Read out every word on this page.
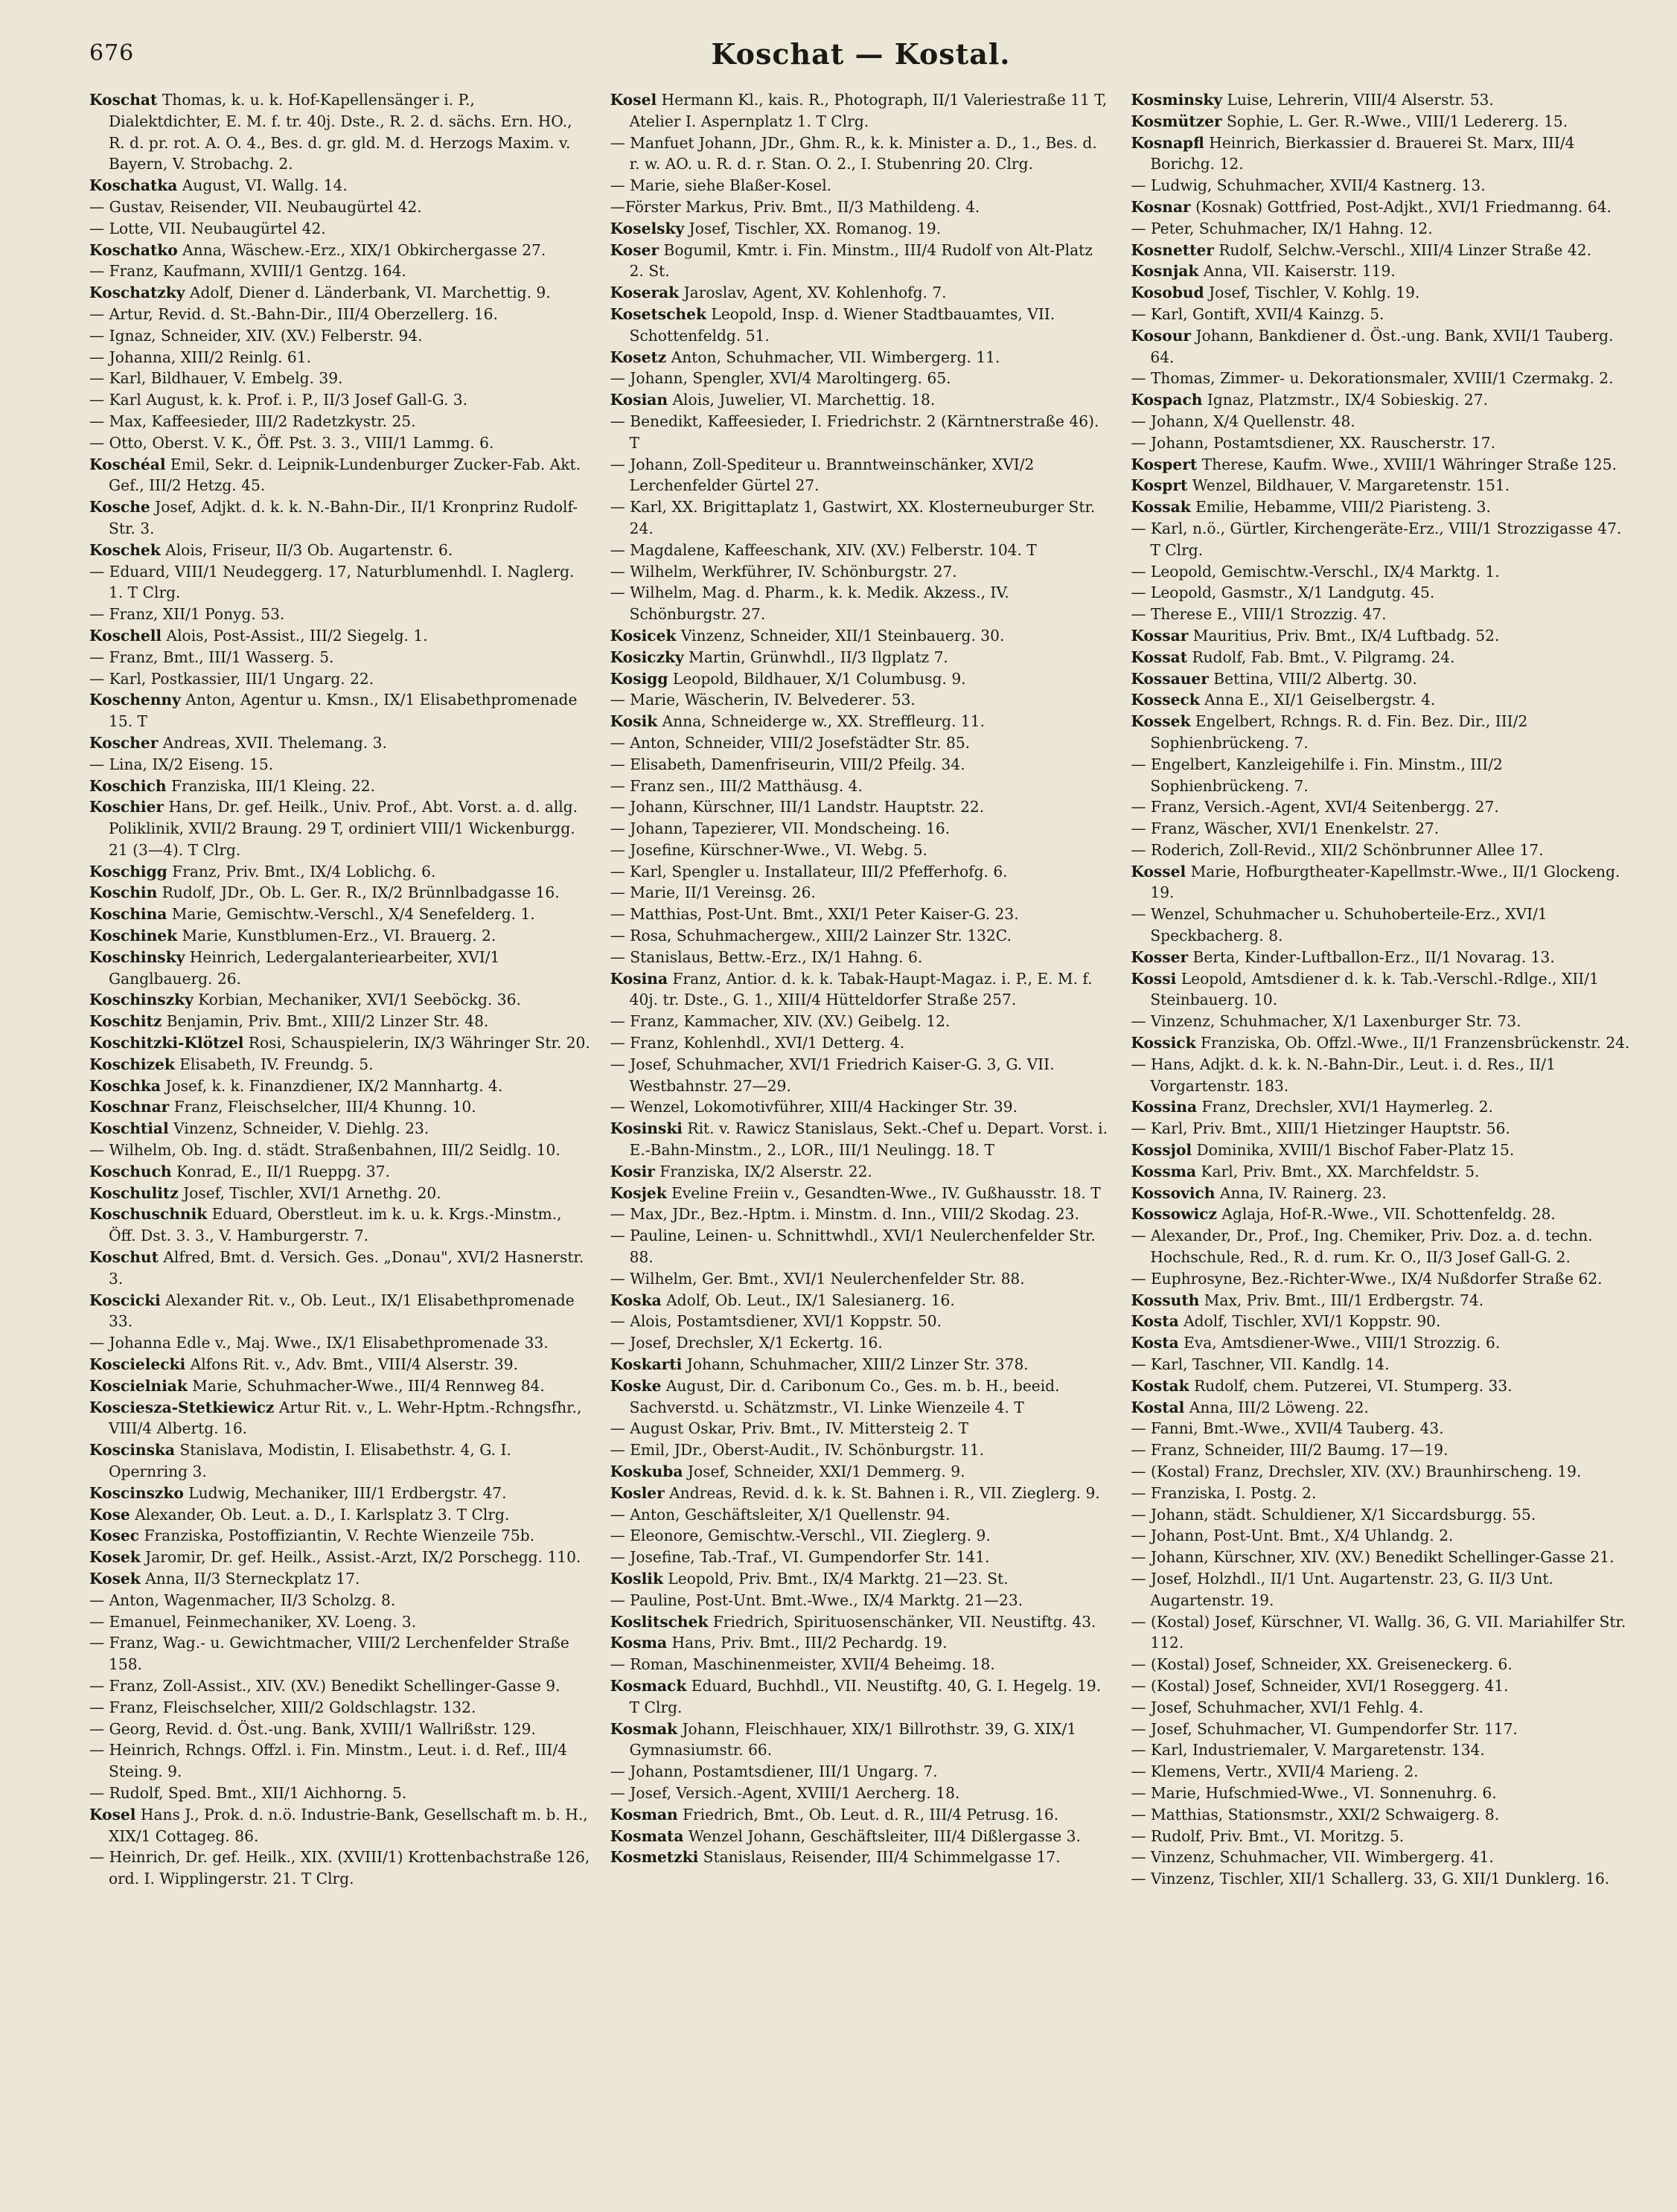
676	Koschat — Kostal.
Koschat Thomas, k. u. k. Hof-Kapellensänger i. P., Dialektdichter, E. M. f. tr. 40j. Dste., R. 2. d. sächs. Ern. HO., R. d. pr. rot. A. O. 4., Bes. d. gr. gld. M. d. Herzogs Maxim. v. Bayern, V. Strobachg. 2.
Koschatka August, VI. Wallg. 14.
— Gustav, Reisender, VII. Neubaugürtel 42.
— Lotte, VII. Neubaugürtel 42.
Koschatko Anna, Wäschew.-Erz., XIX/1 Obkirchergasse 27.
— Franz, Kaufmann, XVIII/1 Gentzg. 164.
Koschatzky Adolf, Diener d. Länderbank, VI. Marchettig. 9.
— Artur, Revid. d. St.-Bahn-Dir., III/4 Oberzellerg. 16.
— Ignaz, Schneider, XIV. (XV.) Felberstr. 94.
— Johanna, XIII/2 Reinlg. 61.
— Karl, Bildhauer, V. Embelg. 39.
— Karl August, k. k. Prof. i. P., II/3 Josef Gall-G. 3.
— Max, Kaffeesieder, III/2 Radetzkystr. 25.
— Otto, Oberst. V. K., Öff. Pst. 3. 3., VIII/1 Lammg. 6.
Koschéal Emil, Sekr. d. Leipnik-Lundenburger Zucker-Fab. Akt. Gef., III/2 Hetzg. 45.
Kosche Josef, Adjkt. d. k. k. N.-Bahn-Dir., II/1 Kronprinz Rudolf-Str. 3.
Koschek Alois, Friseur, II/3 Ob. Augartenstr. 6.
— Eduard, VIII/1 Neudeggerg. 17, Naturblumenhdl. I. Naglerg. 1. T Clrg.
— Franz, XII/1 Ponyg. 53.
Koschell Alois, Post-Assist., III/2 Siegelg. 1.
— Franz, Bmt., III/1 Wasserg. 5.
— Karl, Postkassier, III/1 Ungarg. 22.
Koschenny Anton, Agentur u. Kmsn., IX/1 Elisabethpromenade 15. T
Koscher Andreas, XVII. Thelemang. 3.
— Lina, IX/2 Eiseng. 15.
Koschich Franziska, III/1 Kleing. 22.
Koschier Hans, Dr. gef. Heilk., Univ. Prof., Abt. Vorst. a. d. allg. Poliklinik, XVII/2 Braung. 29 T, ordiniert VIII/1 Wickenburgg. 21 (3—4). T Clrg.
Koschigg Franz, Priv. Bmt., IX/4 Loblichg. 6.
Koschin Rudolf, JDr., Ob. L. Ger. R., IX/2 Brünnlbadgasse 16.
Koschina Marie, Gemischtw.-Verschl., X/4 Senefelderg. 1.
Koschinek Marie, Kunstblumen-Erz., VI. Brauerg. 2.
Koschinsky Heinrich, Ledergalanteriearbeiter, XVI/1 Ganglbauerg. 26.
Koschinszky Korbian, Mechaniker, XVI/1 Seeböckg. 36.
Koschitz Benjamin, Priv. Bmt., XIII/2 Linzer Str. 48.
Koschitzki-Klötzel Rosi, Schauspielerin, IX/3 Währinger Str. 20.
Koschizek Elisabeth, IV. Freundg. 5.
Koschka Josef, k. k. Finanzdiener, IX/2 Mannhartg. 4.
Koschnar Franz, Fleischselcher, III/4 Khunng. 10.
Koschtial Vinzenz, Schneider, V. Diehlg. 23.
— Wilhelm, Ob. Ing. d. städt. Straßenbahnen, III/2 Seidlg. 10.
Koschuch Konrad, E., II/1 Rueppg. 37.
Koschulitz Josef, Tischler, XVI/1 Arnethg. 20.
Koschuschnik Eduard, Oberstleut. im k. u. k. Krgs.-Minstm., Öff. Dst. 3. 3., V. Hamburgerstr. 7.
Koschut Alfred, Bmt. d. Versich. Ges. „Donau", XVI/2 Hasnerstr. 3.
Koscicki Alexander Rit. v., Ob. Leut., IX/1 Elisabethpromenade 33.
— Johanna Edle v., Maj. Wwe., IX/1 Elisabethpromenade 33.
Koscielecki Alfons Rit. v., Adv. Bmt., VIII/4 Alserstr. 39.
Koscielniak Marie, Schuhmacher-Wwe., III/4 Rennweg 84.
Kosciesza-Stetkiewicz Artur Rit. v., L. Wehr-Hptm.-Rchngsfhr., VIII/4 Albertg. 16.
Koscinska Stanislava, Modistin, I. Elisabethstr. 4, G. I. Opernring 3.
Koscinszko Ludwig, Mechaniker, III/1 Erdbergstr. 47.
Kose Alexander, Ob. Leut. a. D., I. Karlsplatz 3. T Clrg.
Kosec Franziska, Postoffiziantin, V. Rechte Wienzeile 75b.
Kosek Jaromir, Dr. gef. Heilk., Assist.-Arzt, IX/2 Porschegg. 110.
Kosek Anna, II/3 Sterneckplatz 17.
— Anton, Wagenmacher, II/3 Scholzg. 8.
— Emanuel, Feinmechaniker, XV. Loeng. 3.
— Franz, Wag.- u. Gewichtmacher, VIII/2 Lerchenfelder Straße 158.
— Franz, Zoll-Assist., XIV. (XV.) Benedikt Schellinger-Gasse 9.
— Franz, Fleischselcher, XIII/2 Goldschlagstr. 132.
— Georg, Revid. d. Öst.-ung. Bank, XVIII/1 Wallrißstr. 129.
— Heinrich, Rchngs. Offzl. i. Fin. Minstm., Leut. i. d. Ref., III/4 Steing. 9.
— Rudolf, Sped. Bmt., XII/1 Aichhorng. 5.
Kosel Hans J., Prok. d. n.ö. Industrie-Bank, Gesellschaft m. b. H., XIX/1 Cottageg. 86.
— Heinrich, Dr. gef. Heilk., XIX. (XVIII/1) Krottenbachstraße 126, ord. I. Wipplingerstr. 21. T Clrg.
Kosel Hermann Kl., kais. R., Photograph, II/1 Valeriestraße 11 T, Atelier I. Aspernplatz 1. T Clrg.
— Manfuet Johann, JDr., Ghm. R., k. k. Minister a. D., 1., Bes. d. r. w. AO. u. R. d. r. Stan. O. 2., I. Stubenring 20. Clrg.
— Marie, siehe Blaßer-Kosel.
—Förster Markus, Priv. Bmt., II/3 Mathildeng. 4.
Koselsky Josef, Tischler, XX. Romanog. 19.
Koser Bogumil, Kmtr. i. Fin. Minstm., III/4 Rudolf von Alt-Platz 2. St.
Koserak Jaroslav, Agent, XV. Kohlenhofg. 7.
Kosetschek Leopold, Insp. d. Wiener Stadtbauamtes, VII. Schottenfeldg. 51.
Kosetz Anton, Schuhmacher, VII. Wimbergerg. 11.
— Johann, Spengler, XVI/4 Maroltingerg. 65.
Kosian Alois, Juwelier, VI. Marchettig. 18.
— Benedikt, Kaffeesieder, I. Friedrichstr. 2 (Kärntnerstraße 46). T
— Johann, Zoll-Spediteur u. Branntweinschänker, XVI/2 Lerchenfelder Gürtel 27.
— Karl, XX. Brigittaplatz 1, Gastwirt, XX. Klosterneuburger Str. 24.
— Magdalene, Kaffeeschank, XIV. (XV.) Felberstr. 104. T
— Wilhelm, Werkführer, IV. Schönburgstr. 27.
— Wilhelm, Mag. d. Pharm., k. k. Medik. Akzess., IV. Schönburgstr. 27.
Kosicek Vinzenz, Schneider, XII/1 Steinbauerg. 30.
Kosiczky Martin, Grünwhdl., II/3 Ilgplatz 7.
Kosigg Leopold, Bildhauer, X/1 Columbusg. 9.
— Marie, Wäscherin, IV. Belvederег. 53.
Kosik Anna, Schneiderge w., XX. Streffleurg. 11.
— Anton, Schneider, VIII/2 Josefstädter Str. 85.
— Elisabeth, Damenfriseurin, VIII/2 Pfeilg. 34.
— Franz sen., III/2 Matthäusg. 4.
— Johann, Kürschner, III/1 Landstr. Hauptstr. 22.
— Johann, Tapezierer, VII. Mondscheing. 16.
— Josefine, Kürschner-Wwe., VI. Webg. 5.
— Karl, Spengler u. Installateur, III/2 Pfefferhofg. 6.
— Marie, II/1 Vereinsg. 26.
— Matthias, Post-Unt. Bmt., XXI/1 Peter Kaiser-G. 23.
— Rosa, Schuhmachergew., XIII/2 Lainzer Str. 132C.
— Stanislaus, Bettw.-Erz., IX/1 Hahng. 6.
Kosina Franz, Antior. d. k. k. Tabak-Haupt-Magaz. i. P., E. M. f. 40j. tr. Dste., G. 1., XIII/4 Hütteldorfer Straße 257.
— Franz, Kammacher, XIV. (XV.) Geibelg. 12.
— Franz, Kohlenhdl., XVI/1 Detterg. 4.
— Josef, Schuhmacher, XVI/1 Friedrich Kaiser-G. 3, G. VII. Westbahnstr. 27—29.
— Wenzel, Lokomotivführer, XIII/4 Hackinger Str. 39.
Kosinski Rit. v. Rawicz Stanislaus, Sekt.-Chef u. Depart. Vorst. i. E.-Bahn-Minstm., 2., LOR., III/1 Neulingg. 18. T
Kosir Franziska, IX/2 Alserstr. 22.
Kosjek Eveline Freiin v., Gesandten-Wwe., IV. Gußhausstr. 18. T
— Max, JDr., Bez.-Hptm. i. Minstm. d. Inn., VIII/2 Skodag. 23.
— Pauline, Leinen- u. Schnittwhdl., XVI/1 Neulerchenfelder Str. 88.
— Wilhelm, Ger. Bmt., XVI/1 Neulerchenfelder Str. 88.
Koska Adolf, Ob. Leut., IX/1 Salesianerg. 16.
— Alois, Postamtsdiener, XVI/1 Koppstr. 50.
— Josef, Drechsler, X/1 Eckertg. 16.
Koskarti Johann, Schuhmacher, XIII/2 Linzer Str. 378.
Koske August, Dir. d. Caribonum Co., Ges. m. b. H., beeid. Sachverstd. u. Schätzmstr., VI. Linke Wienzeile 4. T
— August Oskar, Priv. Bmt., IV. Mittersteig 2. T
— Emil, JDr., Oberst-Audit., IV. Schönburgstr. 11.
Koskuba Josef, Schneider, XXI/1 Demmerg. 9.
Kosler Andreas, Revid. d. k. k. St. Bahnen i. R., VII. Zieglerg. 9.
— Anton, Geschäftsleiter, X/1 Quellenstr. 94.
— Eleonore, Gemischtw.-Verschl., VII. Zieglerg. 9.
— Josefine, Tab.-Traf., VI. Gumpendorfer Str. 141.
Koslik Leopold, Priv. Bmt., IX/4 Marktg. 21—23. St.
— Pauline, Post-Unt. Bmt.-Wwe., IX/4 Marktg. 21—23.
Koslitschek Friedrich, Spirituosenschänker, VII. Neustiftg. 43.
Kosma Hans, Priv. Bmt., III/2 Pechardg. 19.
— Roman, Maschinenmeister, XVII/4 Beheimg. 18.
Kosmack Eduard, Buchhdl., VII. Neustiftg. 40, G. I. Hegelg. 19. T Clrg.
Kosmak Johann, Fleischhauer, XIX/1 Billrothstr. 39, G. XIX/1 Gymnasiumstr. 66.
— Johann, Postamtsdiener, III/1 Ungarg. 7.
— Josef, Versich.-Agent, XVIII/1 Aercherg. 18.
Kosman Friedrich, Bmt., Ob. Leut. d. R., III/4 Petrusg. 16.
Kosmata Wenzel Johann, Geschäftsleiter, III/4 Dißlergasse 3.
Kosmetzki Stanislaus, Reisender, III/4 Schimmelgasse 17.
Kosminsky Luise, Lehrerin, VIII/4 Alserstr. 53.
Kosmützer Sophie, L. Ger. R.-Wwe., VIII/1 Ledererg. 15.
Kosnapfl Heinrich, Bierkassier d. Brauerei St. Marx, III/4 Borichg. 12.
— Ludwig, Schuhmacher, XVII/4 Kastnerg. 13.
Kosnar (Kosnak) Gottfried, Post-Adjkt., XVI/1 Friedmanng. 64.
— Peter, Schuhmacher, IX/1 Hahng. 12.
Kosnetter Rudolf, Selchw.-Verschl., XIII/4 Linzer Straße 42.
Kosnjak Anna, VII. Kaiserstr. 119.
Kosobud Josef, Tischler, V. Kohlg. 19.
— Karl, Gontift, XVII/4 Kainzg. 5.
Kosour Johann, Bankdiener d. Öst.-ung. Bank, XVII/1 Tauberg. 64.
— Thomas, Zimmer- u. Dekorationsmaler, XVIII/1 Czermakg. 2.
Kospach Ignaz, Platzmstr., IX/4 Sobieskig. 27.
— Johann, X/4 Quellenstr. 48.
— Johann, Postamtsdiener, XX. Rauscherstr. 17.
Kospert Therese, Kaufm. Wwe., XVIII/1 Währinger Straße 125.
Kosprt Wenzel, Bildhauer, V. Margaretenstr. 151.
Kossak Emilie, Hebamme, VIII/2 Piaristeng. 3.
— Karl, n.ö., Gürtler, Kirchengeräte-Erz., VIII/1 Strozzigasse 47. T Clrg.
— Leopold, Gemischtw.-Verschl., IX/4 Marktg. 1.
— Leopold, Gasmstr., X/1 Landgutg. 45.
— Therese E., VIII/1 Strozzig. 47.
Kossar Mauritius, Priv. Bmt., IX/4 Luftbadg. 52.
Kossat Rudolf, Fab. Bmt., V. Pilgramg. 24.
Kossauer Bettina, VIII/2 Albertg. 30.
Kosseck Anna E., XI/1 Geiselbergstr. 4.
Kossek Engelbert, Rchngs. R. d. Fin. Bez. Dir., III/2 Sophienbrückeng. 7.
— Engelbert, Kanzleigehilfe i. Fin. Minstm., III/2 Sophienbrückeng. 7.
— Franz, Versich.-Agent, XVI/4 Seitenbergg. 27.
— Franz, Wäscher, XVI/1 Enenkelstr. 27.
— Roderich, Zoll-Revid., XII/2 Schönbrunner Allee 17.
Kossel Marie, Hofburgtheater-Kapellmstr.-Wwe., II/1 Glockeng. 19.
— Wenzel, Schuhmacher u. Schuhoberteile-Erz., XVI/1 Speckbacherg. 8.
Kosser Berta, Kinder-Luftballon-Erz., II/1 Novarag. 13.
Kossi Leopold, Amtsdiener d. k. k. Tab.-Verschl.-Rdlge., XII/1 Steinbauerg. 10.
— Vinzenz, Schuhmacher, X/1 Laxenburger Str. 73.
Kossick Franziska, Ob. Offzl.-Wwe., II/1 Franzensbrückenstr. 24.
— Hans, Adjkt. d. k. k. N.-Bahn-Dir., Leut. i. d. Res., II/1 Vorgartenstr. 183.
Kossina Franz, Drechsler, XVI/1 Haymerleg. 2.
— Karl, Priv. Bmt., XIII/1 Hietzinger Hauptstr. 56.
Kossjol Dominika, XVIII/1 Bischof Faber-Platz 15.
Kossma Karl, Priv. Bmt., XX. Marchfeldstr. 5.
Kossovich Anna, IV. Rainerg. 23.
Kossowicz Aglaja, Hof-R.-Wwe., VII. Schottenfeldg. 28.
— Alexander, Dr., Prof., Ing. Chemiker, Priv. Doz. a. d. techn. Hochschule, Red., R. d. rum. Kr. O., II/3 Josef Gall-G. 2.
— Euphrosyne, Bez.-Richter-Wwe., IX/4 Nußdorfer Straße 62.
Kossuth Max, Priv. Bmt., III/1 Erdbergstr. 74.
Kosta Adolf, Tischler, XVI/1 Koppstr. 90.
Kosta Eva, Amtsdiener-Wwe., VIII/1 Strozzig. 6.
— Karl, Taschner, VII. Kandlg. 14.
Kostak Rudolf, chem. Putzerei, VI. Stumperg. 33.
Kostal Anna, III/2 Löweng. 22.
— Fanni, Bmt.-Wwe., XVII/4 Tauberg. 43.
— Franz, Schneider, III/2 Baumg. 17—19.
— (Kostal) Franz, Drechsler, XIV. (XV.) Braunhirscheng. 19.
— Franziska, I. Postg. 2.
— Johann, städt. Schuldiener, X/1 Siccardsburgg. 55.
— Johann, Post-Unt. Bmt., X/4 Uhlandg. 2.
— Johann, Kürschner, XIV. (XV.) Benedikt Schellinger-Gasse 21.
— Josef, Holzhdl., II/1 Unt. Augartenstr. 23, G. II/3 Unt. Augartenstr. 19.
— (Kostal) Josef, Kürschner, VI. Wallg. 36, G. VII. Mariahilfer Str. 112.
— (Kostal) Josef, Schneider, XX. Greiseneckerg. 6.
— (Kostal) Josef, Schneider, XVI/1 Roseggerg. 41.
— Josef, Schuhmacher, XVI/1 Fehlg. 4.
— Josef, Schuhmacher, VI. Gumpendorfer Str. 117.
— Karl, Industriemaler, V. Margaretenstr. 134.
— Klemens, Vertr., XVII/4 Marieng. 2.
— Marie, Hufschmied-Wwe., VI. Sonnenuhrg. 6.
— Matthias, Stationsmstr., XXI/2 Schwaigerg. 8.
— Rudolf, Priv. Bmt., VI. Moritzg. 5.
— Vinzenz, Schuhmacher, VII. Wimbergerg. 41.
— Vinzenz, Tischler, XII/1 Schallerg. 33, G. XII/1 Dunklerg. 16.
